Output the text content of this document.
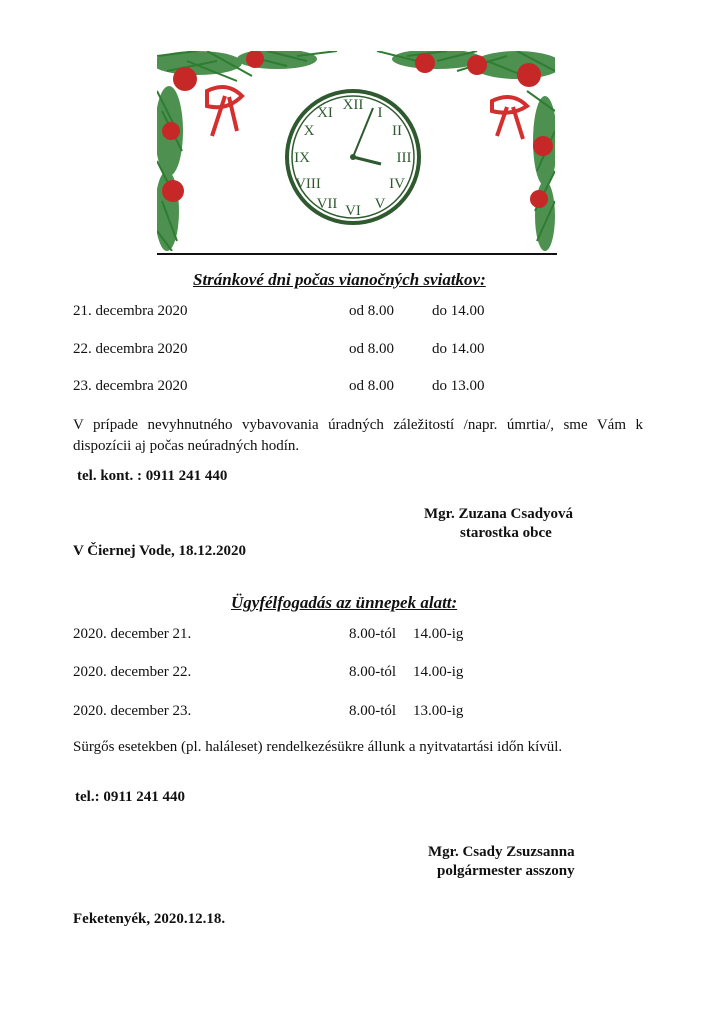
XII I
II
III
IV
V
VI
VII
VIII
IX
X
XI
Stránkové dni počas vianočných sviatkov:
21. decembra 2020	od 8.00	do 14.00
22. decembra 2020	od 8.00	do 14.00
23. decembra 2020	od 8.00	do 13.00
V prípade nevyhnutného vybavovania úradných záležitostí /napr. úmrtia/, sme Vám k dispozícii aj počas neúradných hodín.
tel. kont. : 0911 241 440
Mgr. Zuzana Csadyová
starostka obce
V Čiernej Vode, 18.12.2020
Ügyfélfogadás az ünnepek alatt:
2020. december 21.	8.00-tól 14.00-ig
2020. december 22.	8.00-tól 14.00-ig
2020. december 23.	8.00-tól 13.00-ig
Sürgős esetekben (pl. haláleset) rendelkezésükre állunk a nyitvatartási időn kívül.
tel.: 0911 241 440
Mgr. Csady Zsuzsanna
polgármester asszony
Feketenyék, 2020.12.18.
